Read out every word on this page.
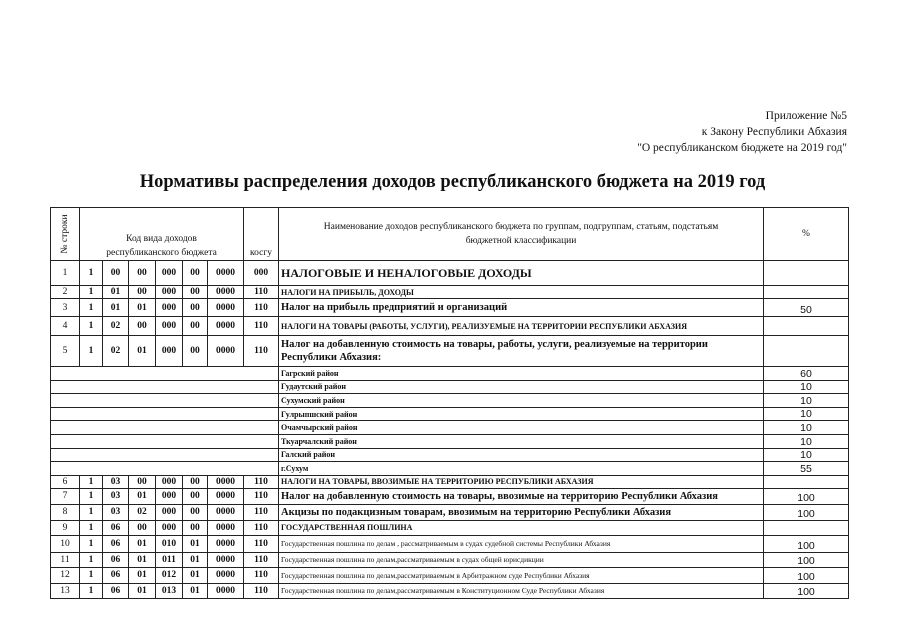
Приложение №5
к Закону Республики Абхазия
"О республиканском бюджете на 2019 год"
Нормативы распределения доходов республиканского бюджета на 2019 год
№ строки	Код вида доходов республиканского бюджета						косгу	Наименование доходов республиканского бюджета по группам, подгруппам, статьям, подстатьям бюджетной классификации	%
1	1	00	00	000	00	0000	000	НАЛОГОВЫЕ И НЕНАЛОГОВЫЕ ДОХОДЫ	
2	1	01	00	000	00	0000	110	НАЛОГИ НА ПРИБЫЛЬ, ДОХОДЫ	
3	1	01	01	000	00	0000	110	Налог на прибыль предприятий и организаций	50
4	1	02	00	000	00	0000	110	НАЛОГИ НА ТОВАРЫ (РАБОТЫ, УСЛУГИ), РЕАЛИЗУЕМЫЕ НА ТЕРРИТОРИИ РЕСПУБЛИКИ АБХАЗИЯ	
5	1	02	01	000	00	0000	110	Налог на добавленную стоимость на товары, работы, услуги, реализуемые на территории Республики Абхазия:	
								Гагрский район	60
								Гудаутский район	10
								Сухумский район	10
								Гулрыпшский район	10
								Очамчырский район	10
								Ткуарчалский район	10
								Галский район	10
								г.Сухум	55
6	1	03	00	000	00	0000	110	НАЛОГИ НА ТОВАРЫ, ВВОЗИМЫЕ НА ТЕРРИТОРИЮ РЕСПУБЛИКИ АБХАЗИЯ	
7	1	03	01	000	00	0000	110	Налог на добавленную стоимость на товары, ввозимые на территорию Республики Абхазия	100
8	1	03	02	000	00	0000	110	Акцизы по подакцизным товарам, ввозимым на территорию Республики Абхазия	100
9	1	06	00	000	00	0000	110	ГОСУДАРСТВЕННАЯ ПОШЛИНА	
10	1	06	01	010	01	0000	110	Государственная пошлина по делам , рассматриваемым в судах судебной системы Республики Абхазия	100
11	1	06	01	011	01	0000	110	Государственная пошлина по делам,рассматриваемым в судах общей юрисдикции	100
12	1	06	01	012	01	0000	110	Государственная пошлина по делам,рассматриваемым в Арбитражном суде Республики Абхазия	100
13	1	06	01	013	01	0000	110	Государственная пошлина по делам,рассматриваемым в Конституционном Суде Республики Абхазия	100
